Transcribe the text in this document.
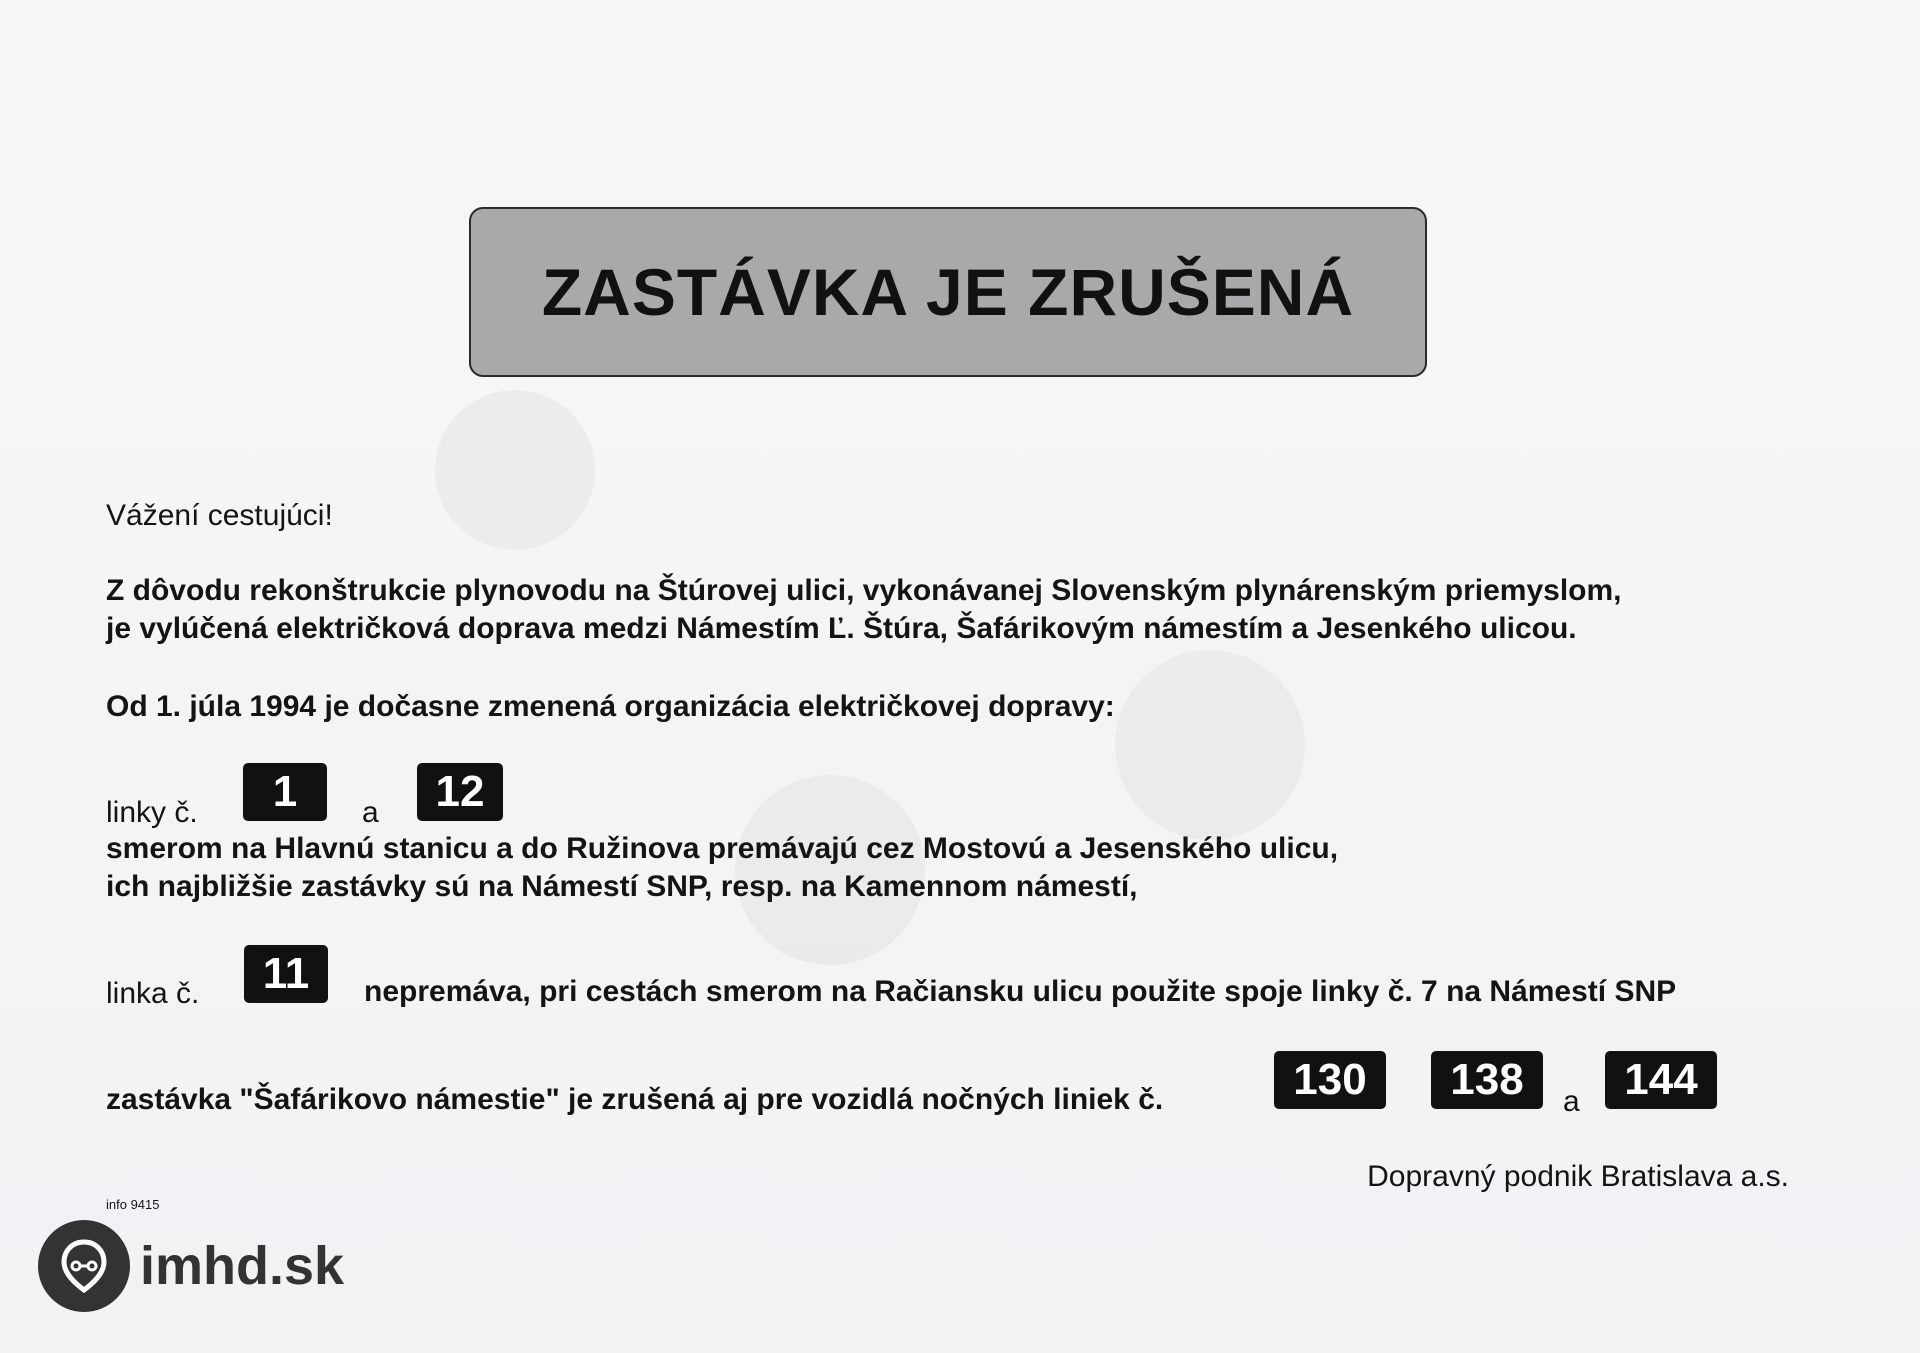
ZASTÁVKA JE ZRUŠENÁ
Vážení cestujúci!
Z dôvodu rekonštrukcie plynovodu na Štúrovej ulici, vykonávanej Slovenským plynárenským priemyslom,
je vylúčená električková doprava medzi Námestím Ľ. Štúra, Šafárikovým námestím a Jesenkého ulicou.
Od 1. júla 1994 je dočasne zmenená organizácia električkovej dopravy:
linky č.	1	a	12
smerom na Hlavnú stanicu a do Ružinova premávajú cez Mostovú a Jesenského ulicu,
ich najbližšie zastávky sú na Námestí SNP, resp. na Kamennom námestí,
linka č.	11	nepremáva, pri cestách smerom na Račiansku ulicu použite spoje linky č. 7 na Námestí SNP
zastávka "Šafárikovo námestie" je zrušená aj pre vozidlá nočných liniek č.	130	138	a	144
Dopravný podnik Bratislava a.s.
info 9415
imhd.sk
